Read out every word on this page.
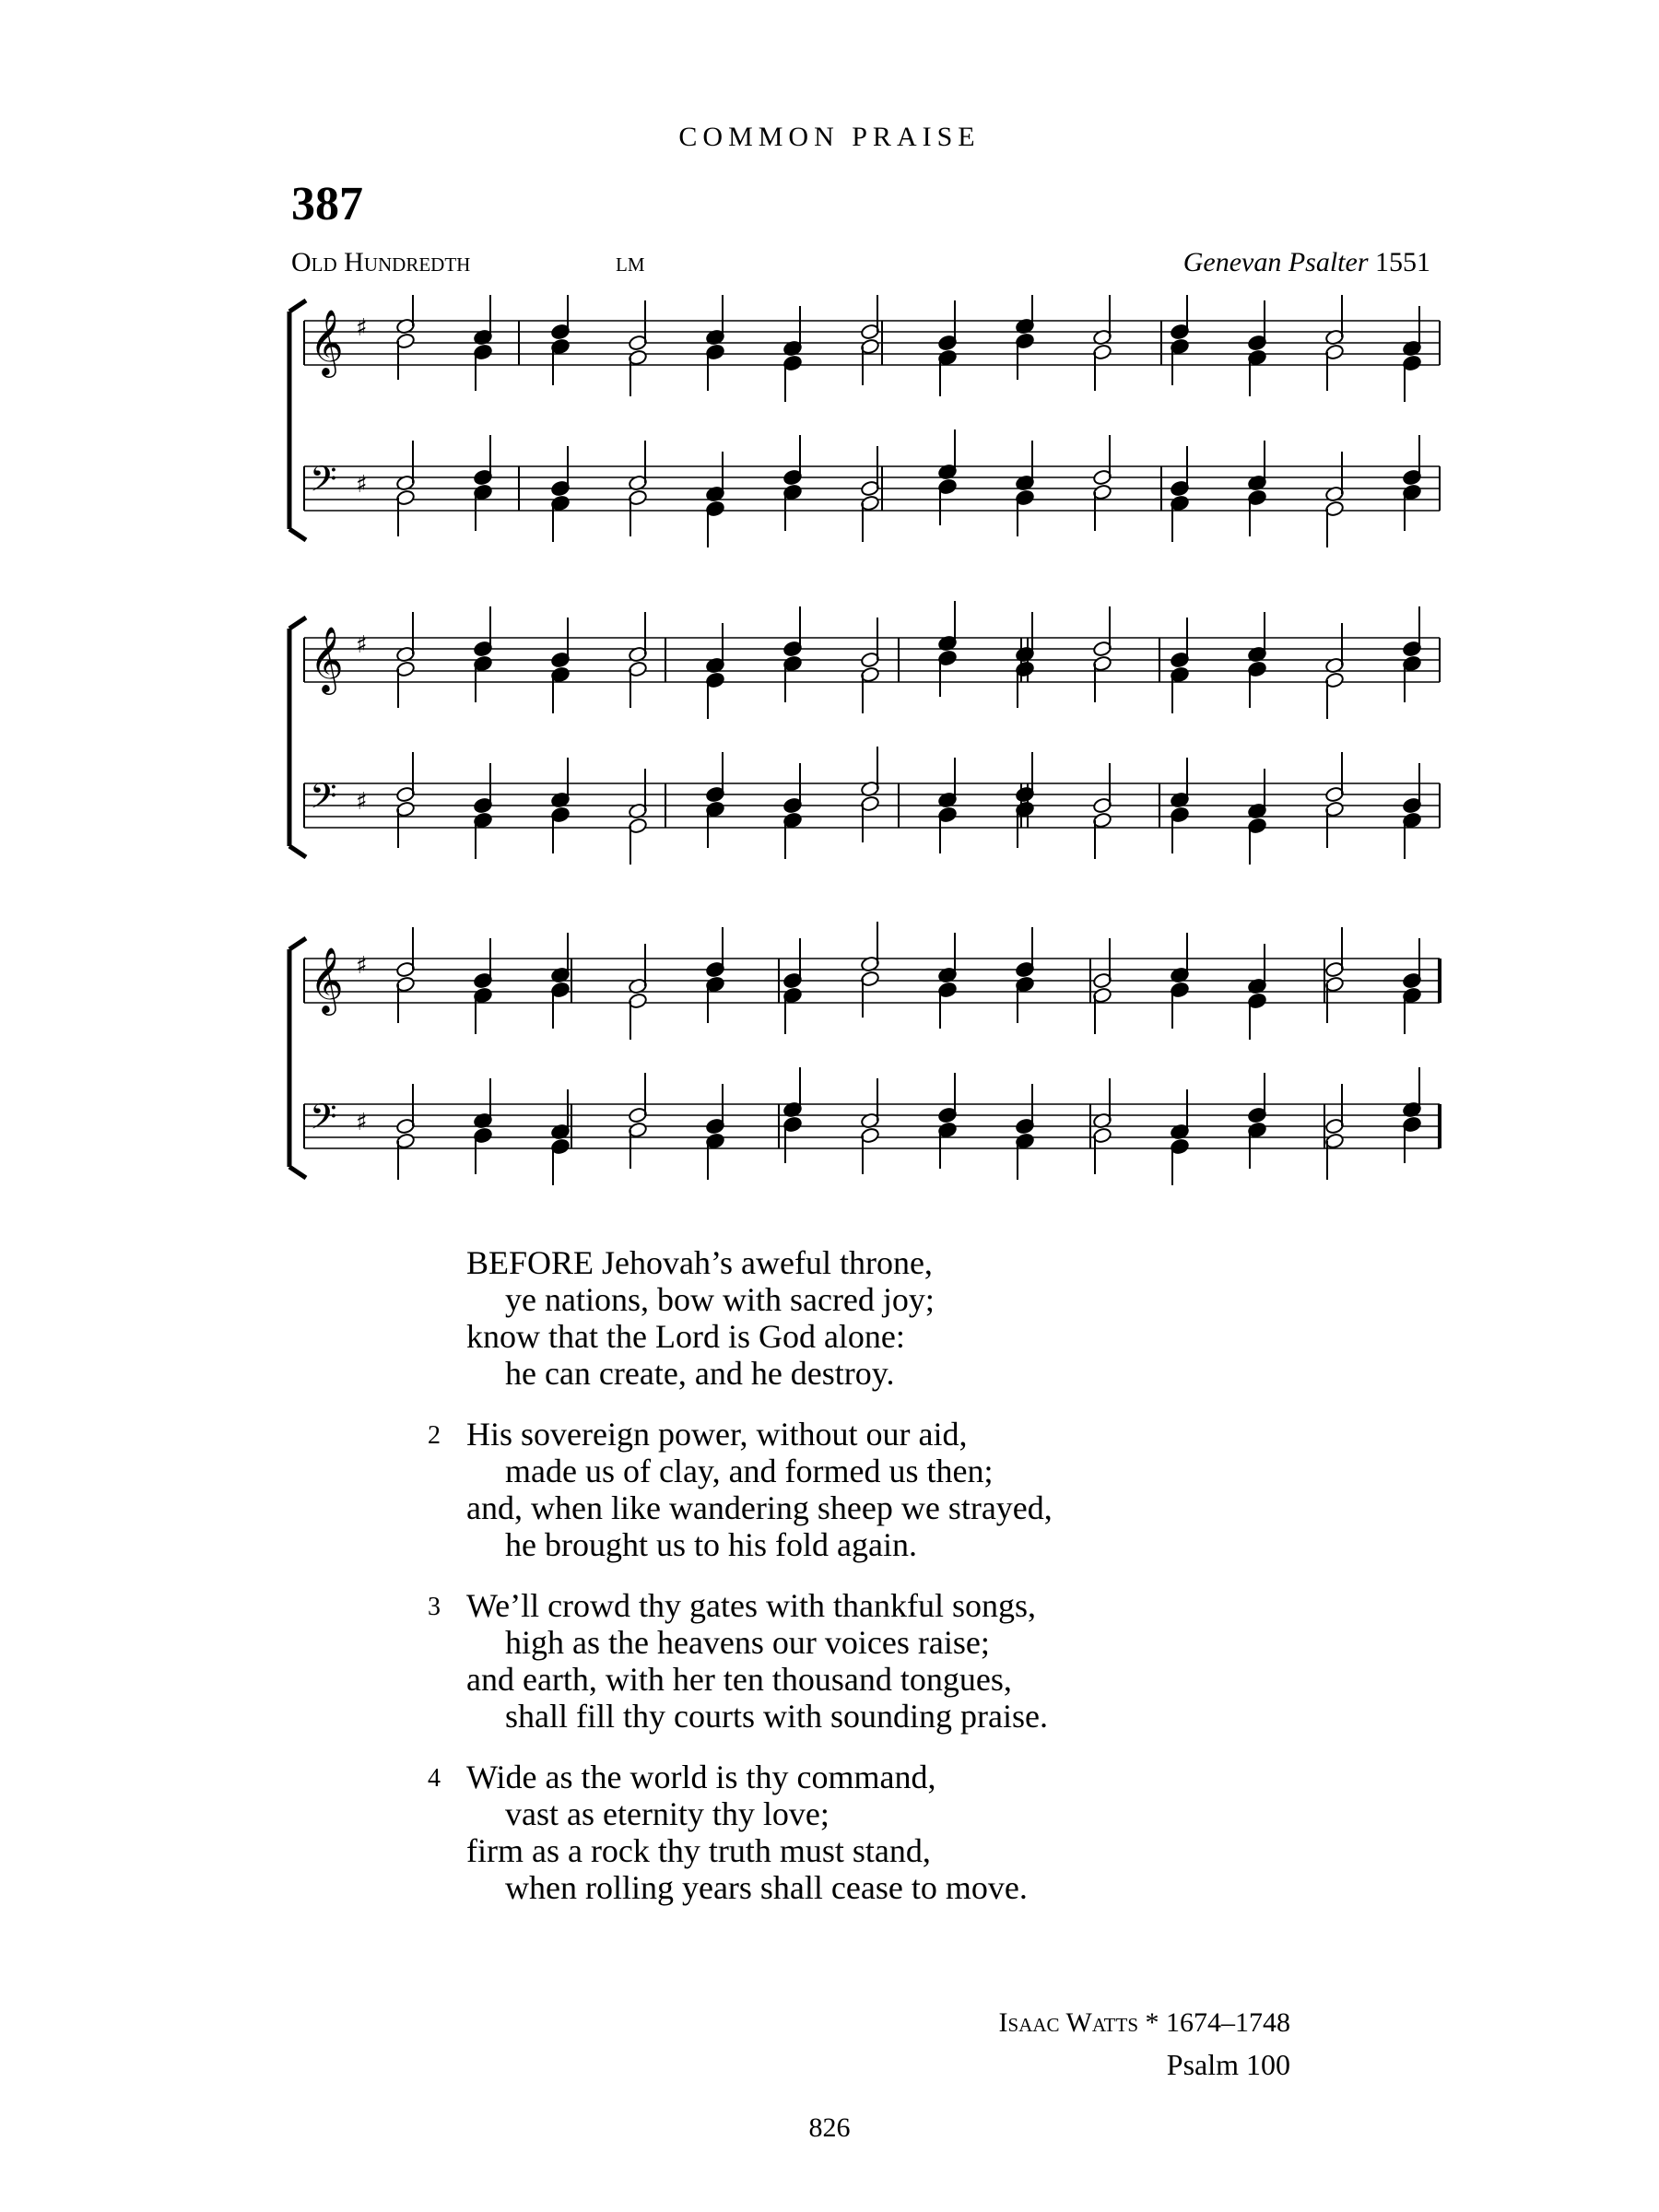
COMMON PRAISE
387
Old Hundredth	lm	Genevan Psalter 1551
𝄞 ♯
𝄢 ♯
𝄞 ♯
𝄢 ♯
𝄞 ♯
𝄢 ♯
BEFORE Jehovah’s aweful throne,
ye nations, bow with sacred joy;
know that the Lord is God alone:
he can create, and he destroy.
2 His sovereign power, without our aid,
made us of clay, and formed us then;
and, when like wandering sheep we strayed,
he brought us to his fold again.
3 We’ll crowd thy gates with thankful songs,
high as the heavens our voices raise;
and earth, with her ten thousand tongues,
shall fill thy courts with sounding praise.
4 Wide as the world is thy command,
vast as eternity thy love;
firm as a rock thy truth must stand,
when rolling years shall cease to move.
Isaac Watts * 1674–1748
Psalm 100
826
